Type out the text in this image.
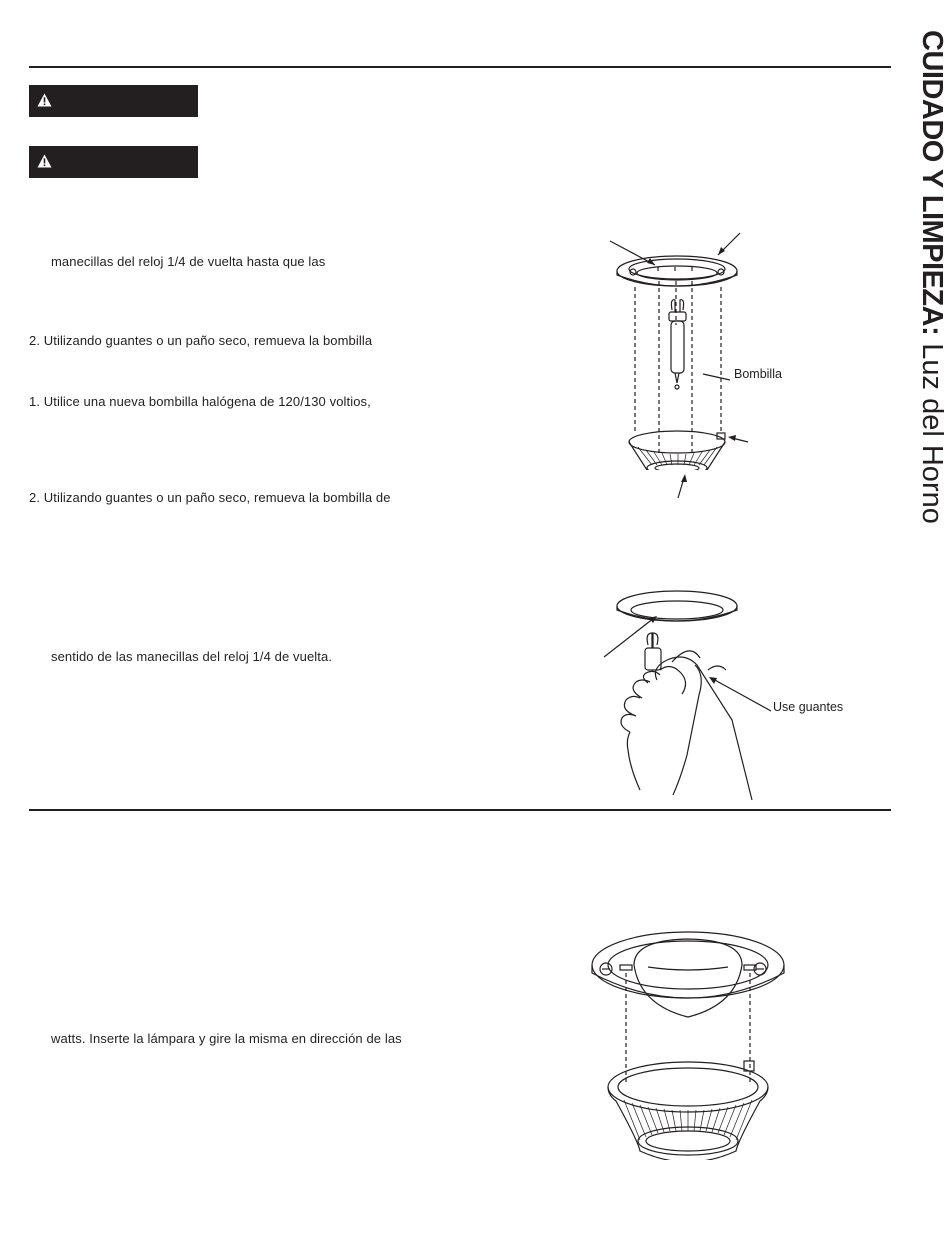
CUIDADO Y LIMPIEZA: Luz del Horno
manecillas del reloj 1/4 de vuelta hasta que las
2. Utilizando guantes o un paño seco, remueva la bombilla
1. Utilice una nueva bombilla halógena de 120/130 voltios,
2. Utilizando guantes o un paño seco, remueva la bombilla de
sentido de las manecillas del reloj 1/4 de vuelta.
watts. Inserte la lámpara y gire la misma en dirección de las
Bombilla
Use guantes
